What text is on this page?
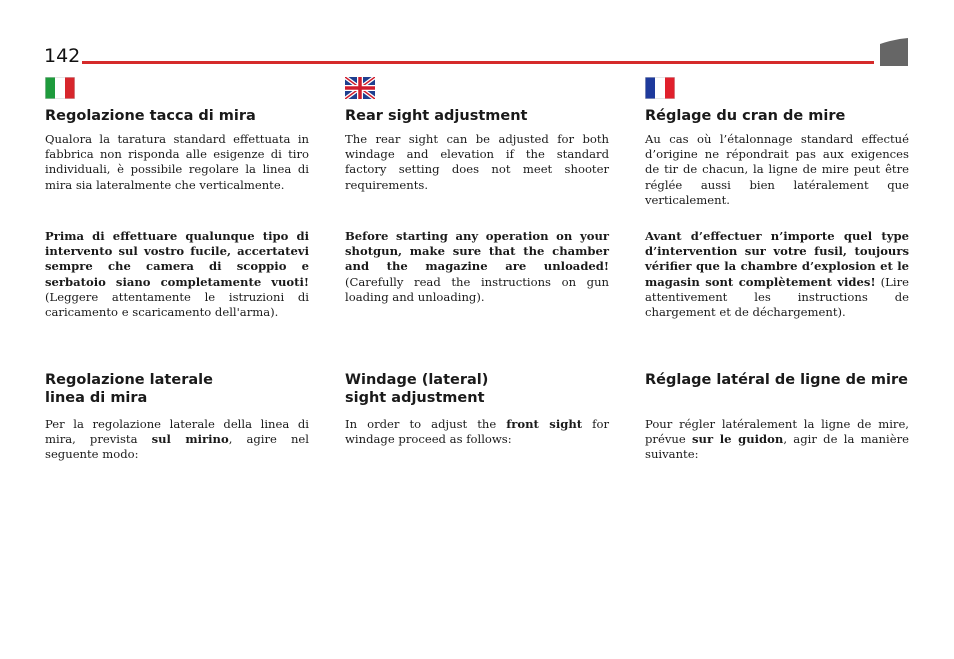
142
Regolazione tacca di mira

Qualora la taratura standard effettuata in fabbrica non risponda alle esigenze di tiro individuali, è possibile regolare la linea di mira sia lateralmente che verticalmente.

Prima di effettuare qualunque tipo di intervento sul vostro fucile, accertatevi sempre che camera di scoppio e serbatoio siano completamente vuoti! (Leggere attentamente le istruzioni di caricamento e scaricamento dell'arma).

Regolazione laterale
linea di mira

Per la regolazione laterale della linea di mira, prevista sul mirino, agire nel seguente modo:

Rear sight adjustment

The rear sight can be adjusted for both windage and elevation if the standard factory setting does not meet shooter requirements.

Before starting any operation on your shotgun, make sure that the chamber and the magazine are unloaded! (Carefully read the instructions on gun loading and unloading).

Windage (lateral)
sight adjustment

In order to adjust the front sight for windage proceed as follows:

Réglage du cran de mire

Au cas où l’étalonnage standard effectué d’origine ne répondrait pas aux exigences de tir de chacun, la ligne de mire peut être réglée aussi bien latéralement que verticalement.

Avant d’effectuer n’importe quel type d’intervention sur votre fusil, toujours vérifier que la chambre d’explosion et le magasin sont complètement vides! (Lire attentivement les instructions de chargement et de déchargement).

Réglage latéral de ligne de mire

Pour régler latéralement la ligne de mire, prévue sur le guidon, agir de la manière suivante:
